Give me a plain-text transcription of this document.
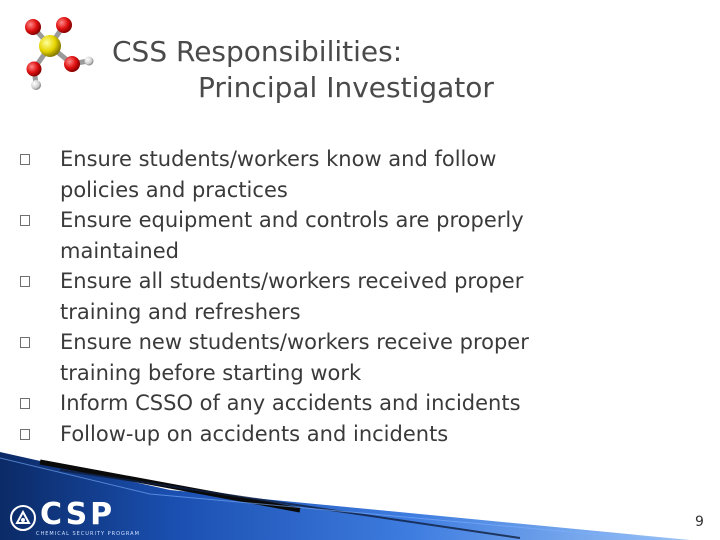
CSS Responsibilities:
Principal Investigator
Ensure students/workers know and follow
policies and practices
Ensure equipment and controls are properly
maintained
Ensure all students/workers received proper
training and refreshers
Ensure new students/workers receive proper
training before starting work
Inform CSSO of any accidents and incidents
Follow-up on accidents and incidents
CSP
CHEMICAL SECURITY PROGRAM
9
